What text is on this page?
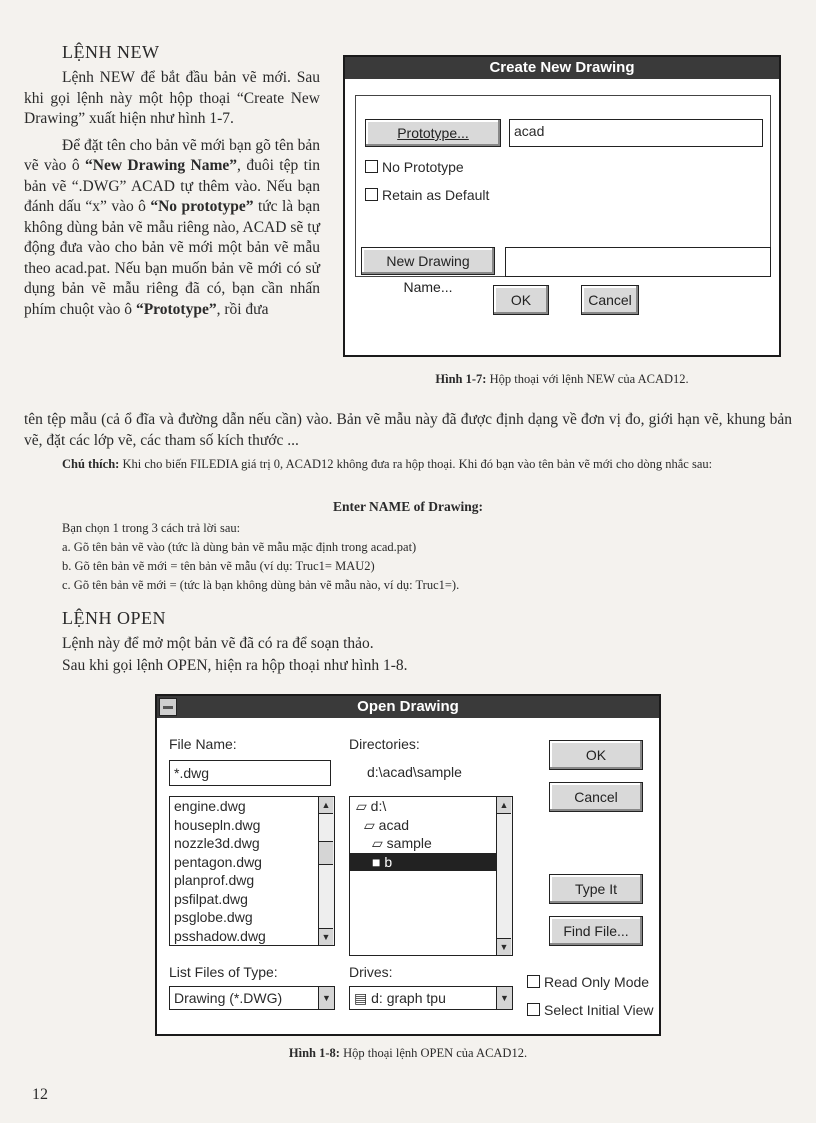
LỆNH NEW

Lệnh NEW để bắt đầu bản vẽ mới. Sau khi gọi lệnh này một hộp thoại “Create New Drawing” xuất hiện như hình 1-7.

Để đặt tên cho bản vẽ mới bạn gõ tên bản vẽ vào ô “New Drawing Name”, đuôi tệp tin bản vẽ “.DWG” ACAD tự thêm vào. Nếu bạn đánh dấu “x” vào ô “No prototype” tức là bạn không dùng bản vẽ mẫu riêng nào, ACAD sẽ tự động đưa vào cho bản vẽ mới một bản vẽ mẫu theo acad.pat. Nếu bạn muốn bản vẽ mới có sử dụng bản vẽ mẫu riêng đã có, bạn cần nhấn phím chuột vào ô “Prototype”, rồi đưa

tên tệp mẫu (cả ổ đĩa và đường dẫn nếu cần) vào. Bản vẽ mẫu này đã được định dạng về đơn vị đo, giới hạn vẽ, khung bản vẽ, đặt các lớp vẽ, các tham số kích thước ...
Chú thích: Khi cho biến FILEDIA giá trị 0, ACAD12 không đưa ra hộp thoại. Khi đó bạn vào tên bản vẽ mới cho dòng nhắc sau:
Enter NAME of Drawing:
Bạn chọn 1 trong 3 cách trả lời sau:
a. Gõ tên bản vẽ vào (tức là dùng bản vẽ mẫu mặc định trong acad.pat)
b. Gõ tên bản vẽ mới = tên bản vẽ mẫu (ví dụ: Truc1= MAU2)
c. Gõ tên bản vẽ mới = (tức là bạn không dùng bản vẽ mẫu nào, ví dụ: Truc1=).
Create New Drawing
Prototype...	acad
No Prototype
Retain as Default
New Drawing Name...
OK	Cancel
Hình 1-7: Hộp thoại với lệnh NEW của ACAD12.
LỆNH OPEN
Lệnh này để mở một bản vẽ đã có ra để soạn thảo.
Sau khi gọi lệnh OPEN, hiện ra hộp thoại như hình 1-8.
Open Drawing
File Name:
*.dwg
Directories:
d:\acad\sample
engine.dwg
housepln.dwg
nozzle3d.dwg
pentagon.dwg
planprof.dwg
psfilpat.dwg
psglobe.dwg
psshadow.dwg
▲
▼
▱ d:\
▱ acad
▱ sample
■ b
▲
▼
List Files of Type:
Drawing (*.DWG)	▼
Drives:
▤ d: graph tpu	▼
OK
Cancel
Type It
Find File...
Read Only Mode
Select Initial View
Hình 1-8: Hộp thoại lệnh OPEN của ACAD12.
12
